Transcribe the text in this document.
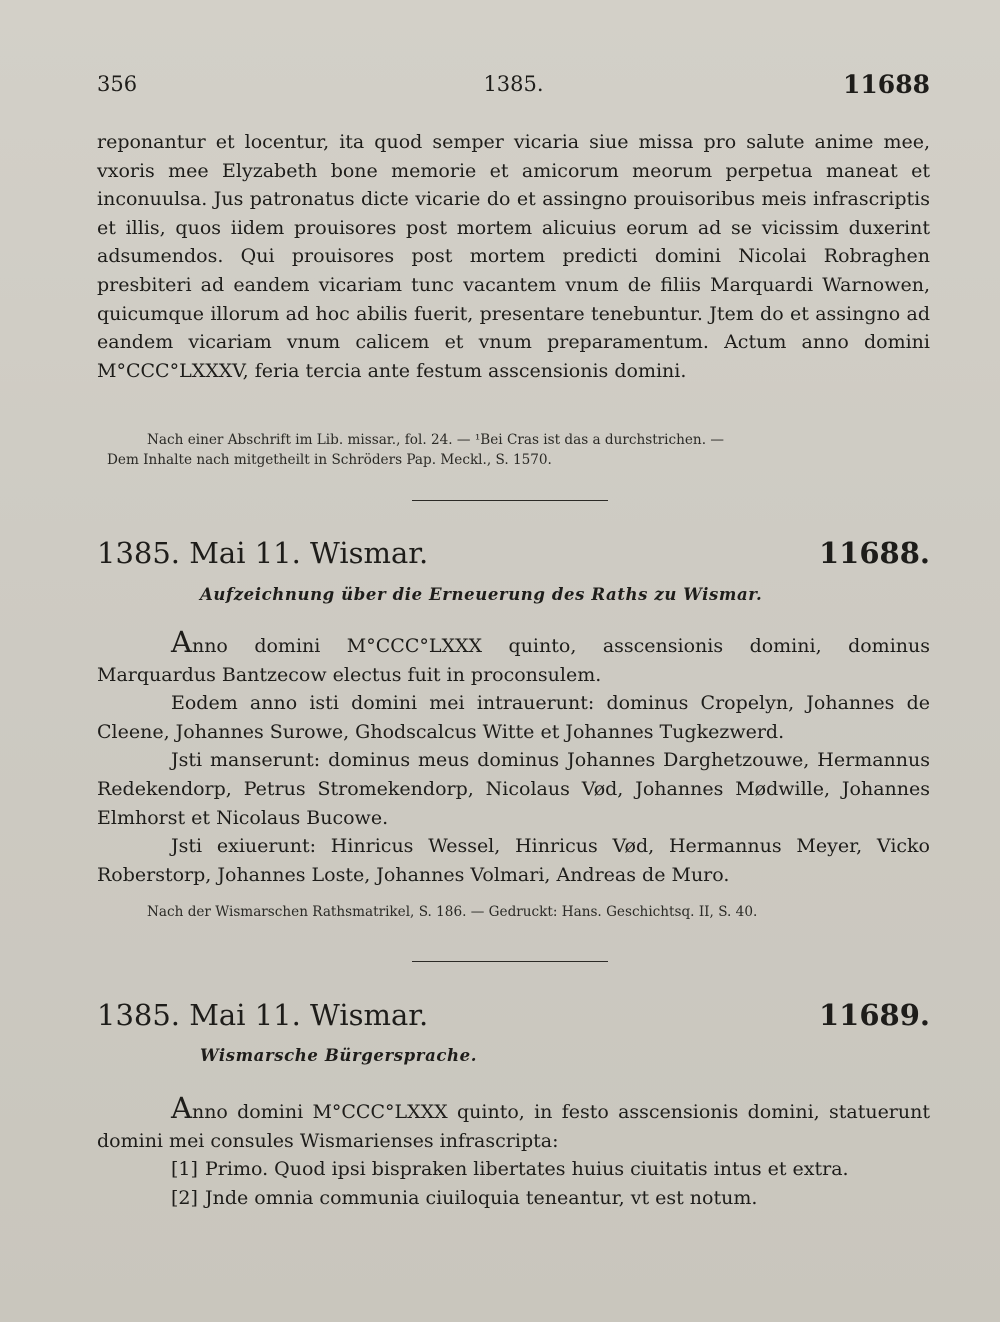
356	1385.	11688

reponantur et locentur, ita quod semper vicaria siue missa pro salute anime mee, vxoris mee Elyzabeth bone memorie et amicorum meorum perpetua maneat et inconuulsa. Jus patronatus dicte vicarie do et assingno prouisoribus meis infrascriptis et illis, quos iidem prouisores post mortem alicuius eorum ad se vicissim duxerint adsumendos. Qui prouisores post mortem predicti domini Nicolai Robraghen presbiteri ad eandem vicariam tunc vacantem vnum de filiis Marquardi Warnowen, quicumque illorum ad hoc abilis fuerit, presentare tenebuntur. Jtem do et assingno ad eandem vicariam vnum calicem et vnum preparamentum. Actum anno domini M°CCC°LXXXV, feria tercia ante festum asscensionis domini.

Nach einer Abschrift im Lib. missar., fol. 24. — ¹Bei Cras ist das a durchstrichen. —

Dem Inhalte nach mitgetheilt in Schröders Pap. Meckl., S. 1570.

1385. Mai 11. Wismar.	11688.
Aufzeichnung über die Erneuerung des Raths zu Wismar.

Anno domini M°CCC°LXXX quinto, asscensionis domini, dominus Marquardus Bantzecow electus fuit in proconsulem.

Eodem anno isti domini mei intrauerunt: dominus Cropelyn, Johannes de Cleene, Johannes Surowe, Ghodscalcus Witte et Johannes Tugkezwerd.

Jsti manserunt: dominus meus dominus Johannes Darghetzouwe, Hermannus Redekendorp, Petrus Stromekendorp, Nicolaus Vød, Johannes Mødwille, Johannes Elmhorst et Nicolaus Bucowe.

Jsti exiuerunt: Hinricus Wessel, Hinricus Vød, Hermannus Meyer, Vicko Roberstorp, Johannes Loste, Johannes Volmari, Andreas de Muro.

Nach der Wismarschen Rathsmatrikel, S. 186. — Gedruckt: Hans. Geschichtsq. II, S. 40.

1385. Mai 11. Wismar.	11689.
Wismarsche Bürgersprache.

Anno domini M°CCC°LXXX quinto, in festo asscensionis domini, statuerunt domini mei consules Wismarienses infrascripta:

[1] Primo. Quod ipsi bispraken libertates huius ciuitatis intus et extra.

[2] Jnde omnia communia ciuiloquia teneantur, vt est notum.
